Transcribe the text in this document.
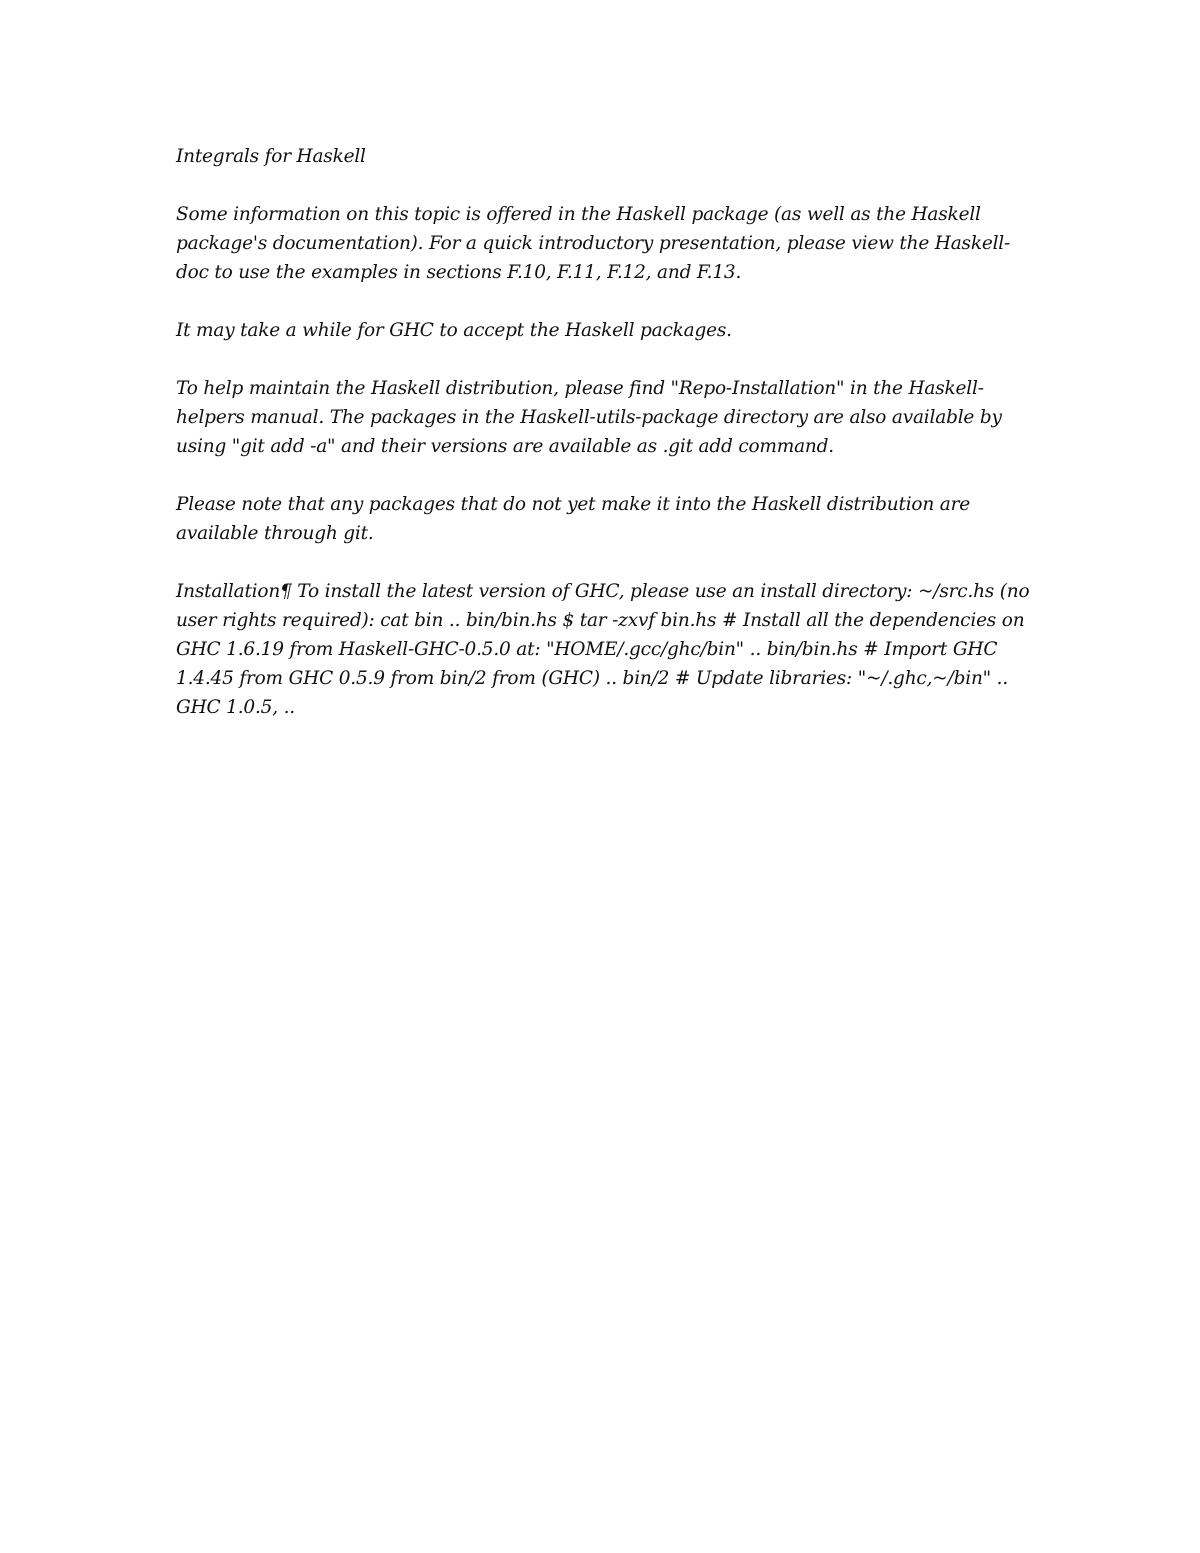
Integrals for Haskell

Some information on this topic is offered in the Haskell package (as well as the Haskell package's documentation). For a quick introductory presentation, please view the Haskell-doc to use the examples in sections F.10, F.11, F.12, and F.13.

It may take a while for GHC to accept the Haskell packages.

To help maintain the Haskell distribution, please find "Repo-Installation" in the Haskell-helpers manual. The packages in the Haskell-utils-package directory are also available by using "git add -a" and their versions are available as .git add command.

Please note that any packages that do not yet make it into the Haskell distribution are available through git.

Installation¶ To install the latest version of GHC, please use an install directory: ~/src.hs (no user rights required): cat bin .. bin/bin.hs $ tar -zxvf bin.hs # Install all the dependencies on GHC 1.6.19 from Haskell-GHC-0.5.0 at: "HOME/.gcc/ghc/bin" .. bin/bin.hs # Import GHC 1.4.45 from GHC 0.5.9 from bin/2 from (GHC) .. bin/2 # Update libraries: "~/.ghc,~/bin" .. GHC 1.0.5, ..
